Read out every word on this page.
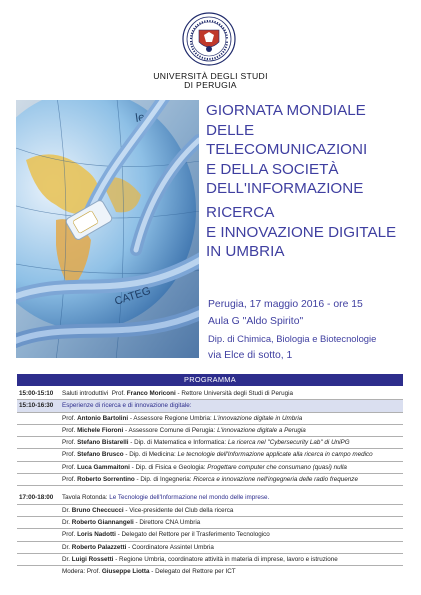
UNIVERSITÀ DEGLI STUDI
DI PERUGIA
ler
CATEG
GIORNATA MONDIALE
DELLE
TELECOMUNICAZIONI
E DELLA SOCIETÀ
DELL'INFORMAZIONE
RICERCA
E INNOVAZIONE DIGITALE
IN UMBRIA
Perugia, 17 maggio 2016 - ore 15
Aula G "Aldo Spirito"
Dip. di Chimica, Biologia e Biotecnologie
via Elce di sotto, 1
PROGRAMMA
15:00-15:10 Saluti introduttivi Prof. Franco Moriconi - Rettore Università degli Studi di Perugia
15:10-16:30 Esperienze di ricerca e di innovazione digitale:
Prof. Antonio Bartolini - Assessore Regione Umbria: L'innovazione digitale in Umbria
Prof. Michele Fioroni - Assessore Comune di Perugia: L'innovazione digitale a Perugia
Prof. Stefano Bistarelli - Dip. di Matematica e Informatica: La ricerca nel "Cybersecurity Lab" di UniPG
Prof. Stefano Brusco - Dip. di Medicina: Le tecnologie dell'Informazione applicate alla ricerca in campo medico
Prof. Luca Gammaitoni - Dip. di Fisica e Geologia: Progettare computer che consumano (quasi) nulla
Prof. Roberto Sorrentino - Dip. di Ingegneria: Ricerca e innovazione nell'ingegneria delle radio frequenze
17:00-18:00 Tavola Rotonda: Le Tecnologie dell'Informazione nel mondo delle imprese.
Dr. Bruno Checcucci - Vice-presidente del Club della ricerca
Dr. Roberto Giannangeli - Direttore CNA Umbria
Prof. Loris Nadotti - Delegato del Rettore per il Trasferimento Tecnologico
Dr. Roberto Palazzetti - Coordinatore Assintel Umbria
Dr. Luigi Rossetti - Regione Umbria, coordinatore attività in materia di imprese, lavoro e istruzione
Modera: Prof. Giuseppe Liotta - Delegato del Rettore per ICT
